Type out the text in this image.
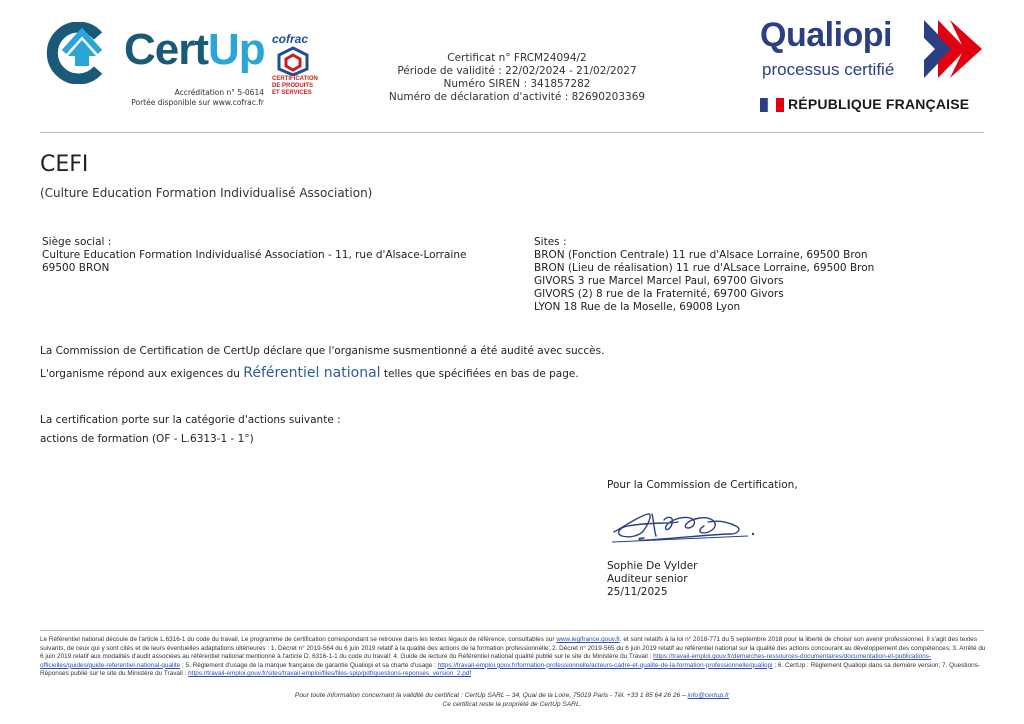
CertUp cofrac
CERTIFICATION
DE PRODUITS
ET SERVICES
Accréditation n° 5-0614
Portée disponible sur www.cofrac.fr
Certificat n° FRCM24094/2
Période de validité : 22/02/2024 - 21/02/2027
Numéro SIREN : 341857282
Numéro de déclaration d'activité : 82690203369
Qualiopi
processus certifié
RÉPUBLIQUE FRANÇAISE
CEFI
(Culture Education Formation Individualisé Association)
Siège social :
Culture Education Formation Individualisé Association - 11, rue d'Alsace-Lorraine
69500 BRON
Sites :
BRON (Fonction Centrale) 11 rue d'Alsace Lorraine, 69500 Bron
BRON (Lieu de réalisation) 11 rue d'ALsace Lorraine, 69500 Bron
GIVORS 3 rue Marcel Marcel Paul, 69700 Givors
GIVORS (2) 8 rue de la Fraternité, 69700 Givors
LYON 18 Rue de la Moselle, 69008 Lyon
La Commission de Certification de CertUp déclare que l'organisme susmentionné a été audité avec succès.
L'organisme répond aux exigences du Référentiel national telles que spécifiées en bas de page.
La certification porte sur la catégorie d'actions suivante :
actions de formation (OF - L.6313-1 - 1°)
Pour la Commission de Certification,
Sophie De Vylder
Auditeur senior
25/11/2025
Le Référentiel national découle de l'article L.6316-1 du code du travail. Le programme de certification correspondant se retrouve dans les textes légaux de référence, consultables sur www.legifrance.gouv.fr. et sont relatifs à la loi n° 2018-771 du 5 septembre 2018 pour la liberté de choisir son avenir professionnel. Il s'agit des textes suivants, de ceux qui y sont cités et de leurs éventuelles adaptations ultérieures : 1. Décret n° 2019-564 du 6 juin 2019 relatif à la qualité des actions de la formation professionnelle; 2. Décret n° 2019-565 du 6 juin 2019 relatif au référentiel national sur la qualité des actions concourant au développement des compétences; 3. Arrêté du 6 juin 2019 relatif aux modalités d'audit associées au référentiel national mentionné à l'article D. 6316-1-1 du code du travail; 4. Guide de lecture du Référentiel national qualité publié sur le site du Ministère du Travail : https://travail-emploi.gouv.fr/demarches-ressources-documentaires/documentation-et-publications-officielles/guides/guide-referentiel-national-qualite ; 5. Règlement d'usage de la marque française de garantie Qualiopi et sa charte d'usage : https://travail-emploi.gouv.fr/formation-professionnelle/acteurs-cadre-et-qualite-de-la-formation-professionnelle/qualiopi ; 6. CertUp : Règlement Qualiopi dans sa dernière version; 7. Questions-Réponses publié sur le site du Ministère du Travail : https://travail-emploi.gouv.fr/sites/travail-emploi/files/files-spip/pdf/questions-reponses_version_2.pdf
Pour toute information concernant la validité du certificat : CertUp SARL – 34, Quai de la Loire, 75019 Paris - Tél. +33 1 85 64 26 26 – info@certup.fr
Ce certificat reste la propriété de CertUp SARL.
